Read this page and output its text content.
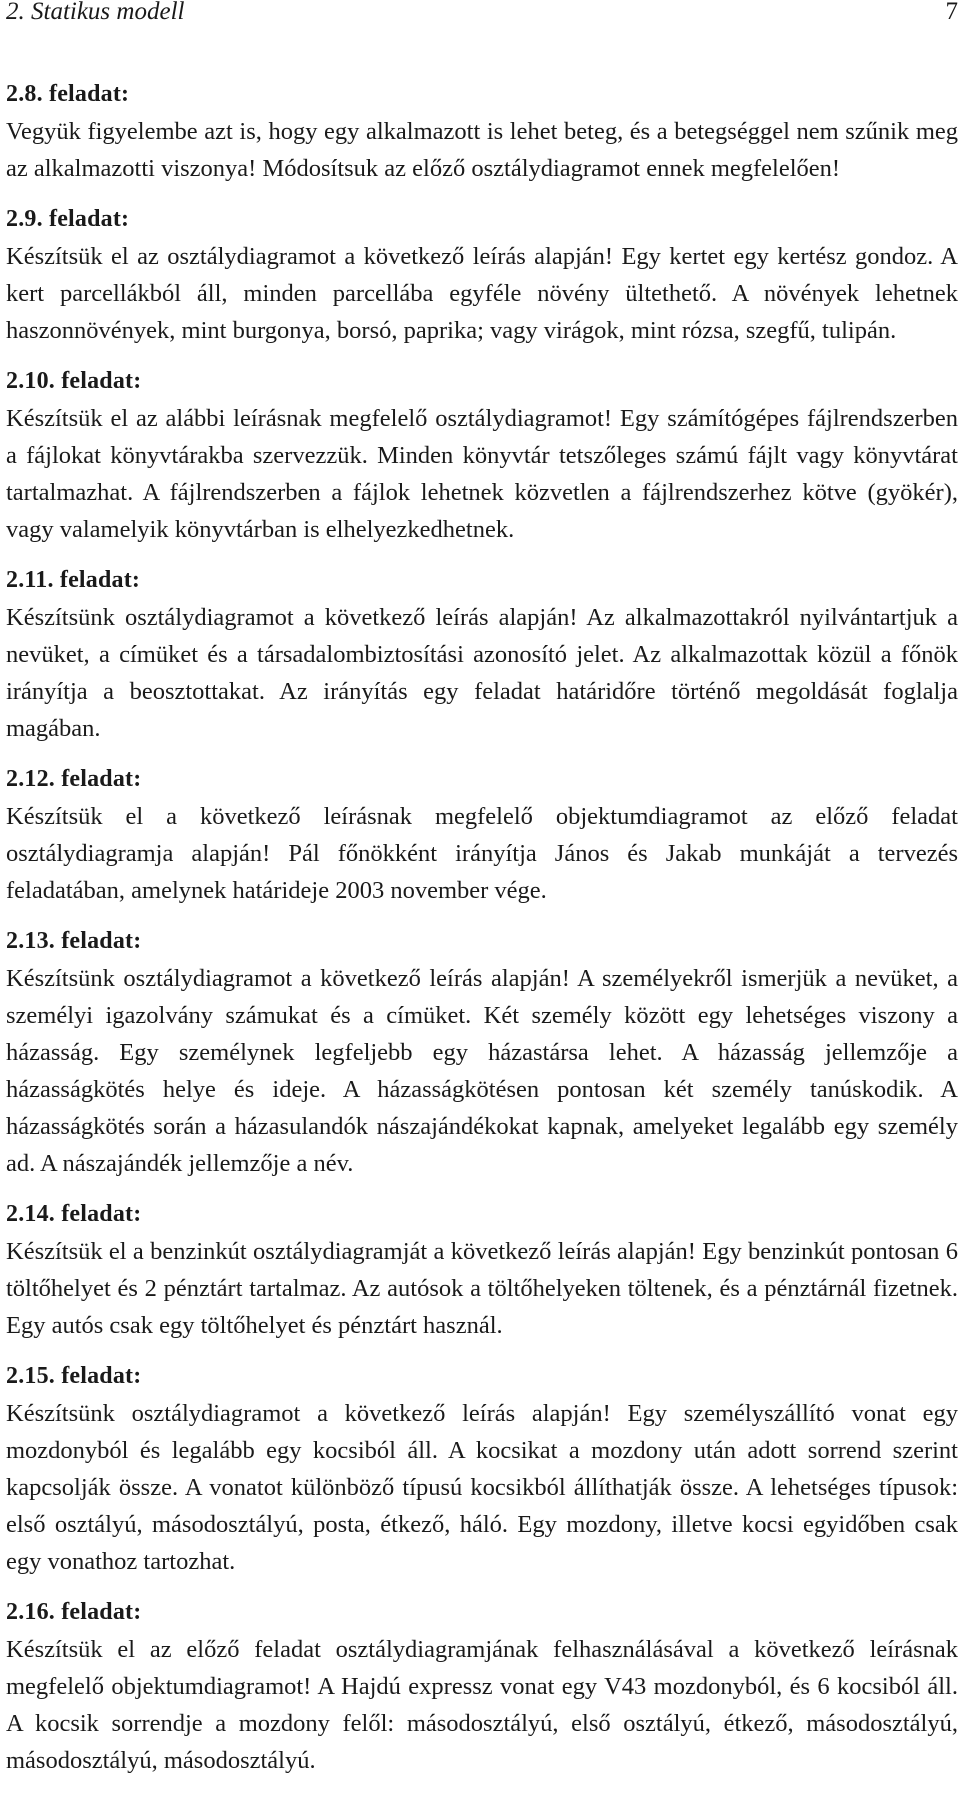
2. Statikus modell	7
2.8. feladat:

Vegyük figyelembe azt is, hogy egy alkalmazott is lehet beteg, és a betegséggel nem szűnik meg az alkalmazotti viszonya! Módosítsuk az előző osztálydiagramot ennek megfelelően!

2.9. feladat:

Készítsük el az osztálydiagramot a következő leírás alapján! Egy kertet egy kertész gondoz. A kert parcellákból áll, minden parcellába egyféle növény ültethető. A növények lehetnek haszonnövények, mint burgonya, borsó, paprika; vagy virágok, mint rózsa, szegfű, tulipán.

2.10. feladat:

Készítsük el az alábbi leírásnak megfelelő osztálydiagramot! Egy számítógépes fájlrendszerben a fájlokat könyvtárakba szervezzük. Minden könyvtár tetszőleges számú fájlt vagy könyvtárat tartalmazhat. A fájlrendszerben a fájlok lehetnek közvetlen a fájlrendszerhez kötve (gyökér), vagy valamelyik könyvtárban is elhelyezkedhetnek.

2.11. feladat:

Készítsünk osztálydiagramot a következő leírás alapján! Az alkalmazottakról nyilvántartjuk a nevüket, a címüket és a társadalombiztosítási azonosító jelet. Az alkalmazottak közül a főnök irányítja a beosztottakat. Az irányítás egy feladat határidőre történő megoldását foglalja magában.

2.12. feladat:

Készítsük el a következő leírásnak megfelelő objektumdiagramot az előző feladat osztálydiagramja alapján! Pál főnökként irányítja János és Jakab munkáját a tervezés feladatában, amelynek határideje 2003 november vége.

2.13. feladat:

Készítsünk osztálydiagramot a következő leírás alapján! A személyekről ismerjük a nevüket, a személyi igazolvány számukat és a címüket. Két személy között egy lehetséges viszony a házasság. Egy személynek legfeljebb egy házastársa lehet. A házasság jellemzője a házasságkötés helye és ideje. A házasságkötésen pontosan két személy tanúskodik. A házasságkötés során a házasulandók nászajándékokat kapnak, amelyeket legalább egy személy ad. A nászajándék jellemzője a név.

2.14. feladat:

Készítsük el a benzinkút osztálydiagramját a következő leírás alapján! Egy benzinkút pontosan 6 töltőhelyet és 2 pénztárt tartalmaz. Az autósok a töltőhelyeken töltenek, és a pénztárnál fizetnek. Egy autós csak egy töltőhelyet és pénztárt használ.

2.15. feladat:

Készítsünk osztálydiagramot a következő leírás alapján! Egy személyszállító vonat egy mozdonyból és legalább egy kocsiból áll. A kocsikat a mozdony után adott sorrend szerint kapcsolják össze. A vonatot különböző típusú kocsikból állíthatják össze. A lehetséges típusok: első osztályú, másodosztályú, posta, étkező, háló. Egy mozdony, illetve kocsi egyidőben csak egy vonathoz tartozhat.

2.16. feladat:

Készítsük el az előző feladat osztálydiagramjának felhasználásával a következő leírásnak megfelelő objektumdiagramot! A Hajdú expressz vonat egy V43 mozdonyból, és 6 kocsiból áll. A kocsik sorrendje a mozdony felől: másodosztályú, első osztályú, étkező, másodosztályú, másodosztályú, másodosztályú.
